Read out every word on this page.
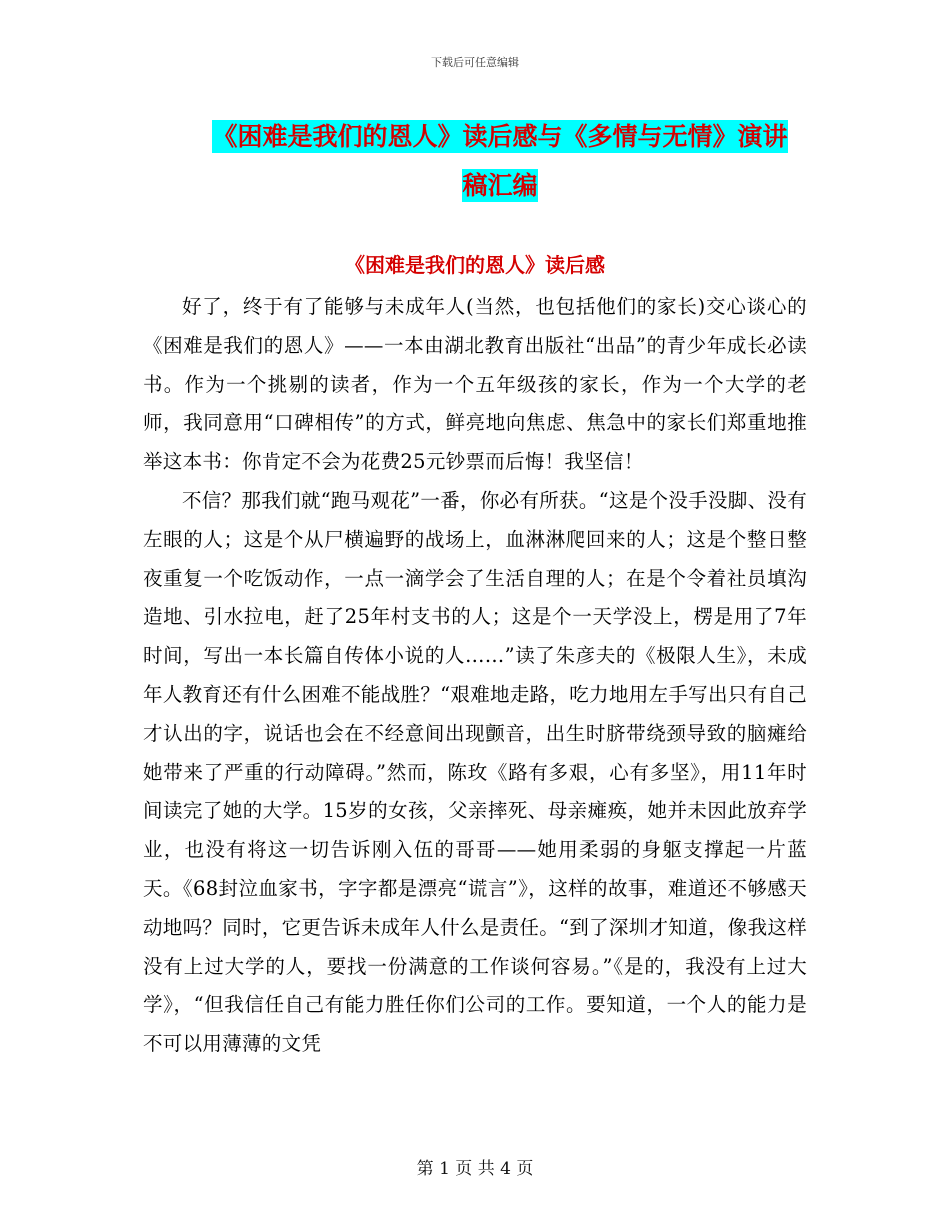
下载后可任意编辑
《困难是我们的恩人》读后感与《多情与无情》演讲
稿汇编
《困难是我们的恩人》读后感

好了，终于有了能够与未成年人(当然，也包括他们的家长)交心谈心的《困难是我们的恩人》——一本由湖北教育出版社“出品”的青少年成长必读书。作为一个挑剔的读者，作为一个五年级孩的家长，作为一个大学的老师，我同意用“口碑相传”的方式，鲜亮地向焦虑、焦急中的家长们郑重地推举这本书：你肯定不会为花费25元钞票而后悔！我坚信！

不信？那我们就“跑马观花”一番，你必有所获。“这是个没手没脚、没有左眼的人；这是个从尸横遍野的战场上，血淋淋爬回来的人；这是个整日整夜重复一个吃饭动作，一点一滴学会了生活自理的人；在是个令着社员填沟造地、引水拉电，赶了25年村支书的人；这是个一天学没上，楞是用了7年时间，写出一本长篇自传体小说的人……”读了朱彦夫的《极限人生》，未成年人教育还有什么困难不能战胜？“艰难地走路，吃力地用左手写出只有自己才认出的字，说话也会在不经意间出现颤音，出生时脐带绕颈导致的脑瘫给她带来了严重的行动障碍。”然而，陈玫《路有多艰，心有多坚》，用11年时间读完了她的大学。15岁的女孩，父亲摔死、母亲瘫痪，她并未因此放弃学业，也没有将这一切告诉刚入伍的哥哥——她用柔弱的身躯支撑起一片蓝天。《68封泣血家书，字字都是漂亮“谎言”》，这样的故事，难道还不够感天动地吗？同时，它更告诉未成年人什么是责任。“到了深圳才知道，像我这样没有上过大学的人，要找一份满意的工作谈何容易。”《是的，我没有上过大学》，“但我信任自己有能力胜任你们公司的工作。要知道，一个人的能力是不可以用薄薄的文凭

第 1 页 共 4 页
